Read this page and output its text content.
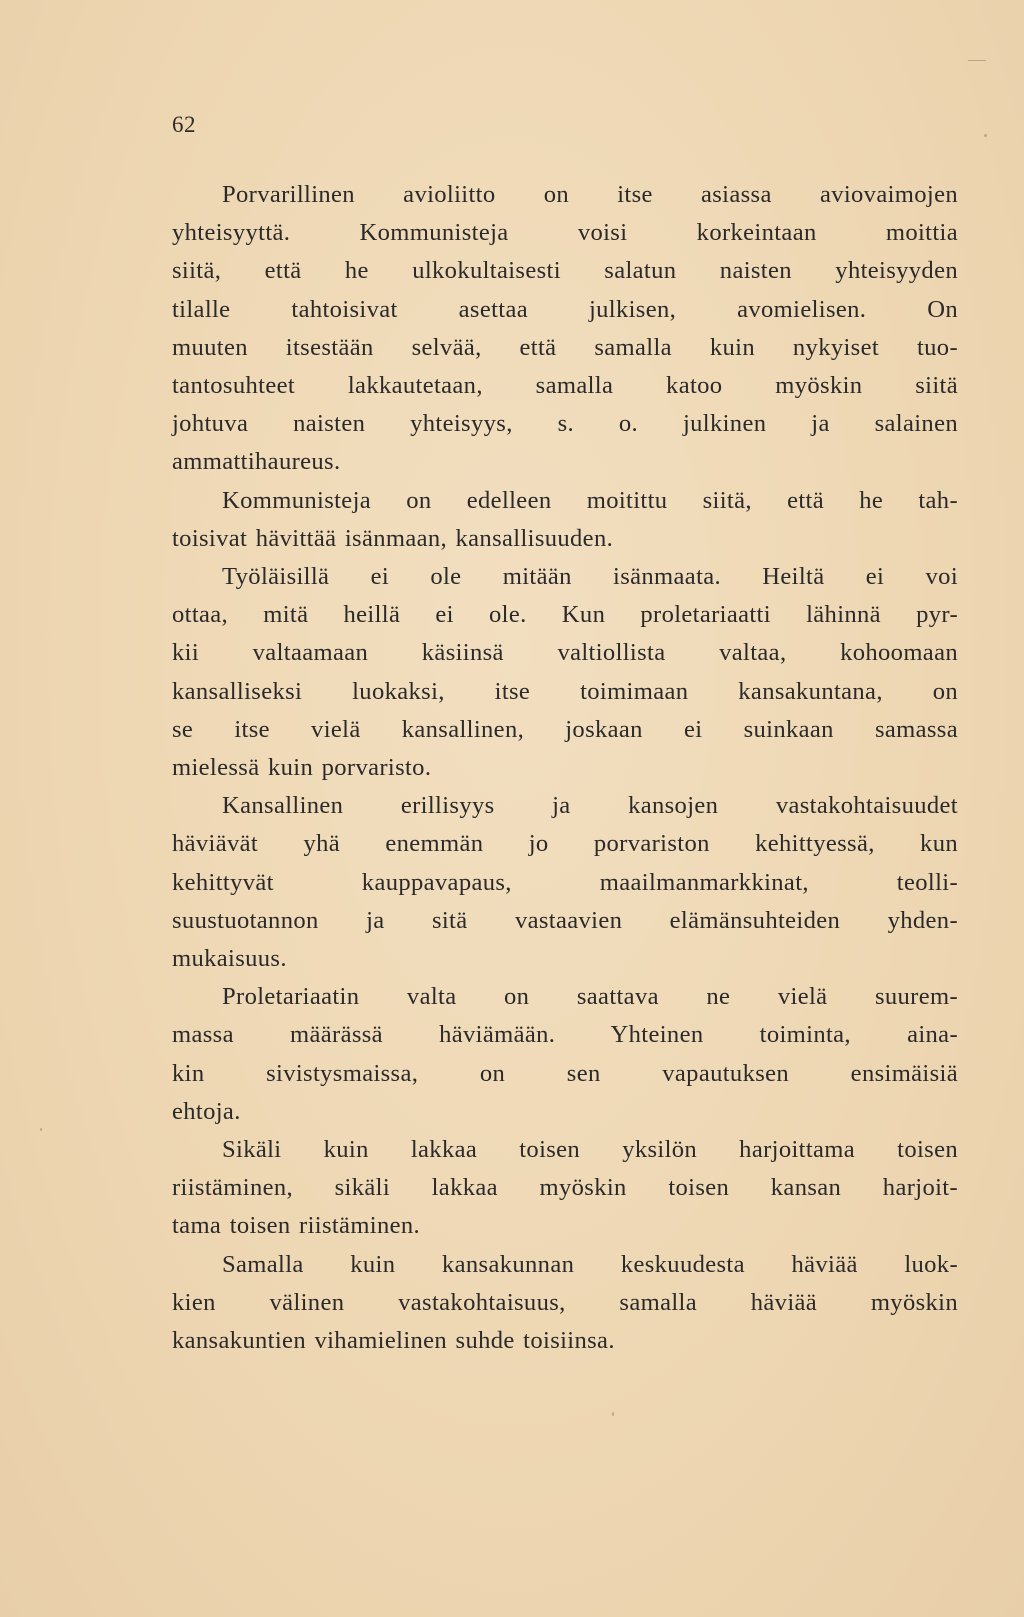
62

Porvarillinen avioliitto on itse asiassa aviovaimojen
yhteisyyttä. Kommunisteja voisi korkeintaan moittia
siitä, että he ulkokultaisesti salatun naisten yhteisyyden
tilalle tahtoisivat asettaa julkisen, avomielisen. On
muuten itsestään selvää, että samalla kuin nykyiset tuo-
tantosuhteet lakkautetaan, samalla katoo myöskin siitä
johtuva naisten yhteisyys, s. o. julkinen ja salainen
ammattihaureus.

Kommunisteja on edelleen moitittu siitä, että he tah-
toisivat hävittää isänmaan, kansallisuuden.

Työläisillä ei ole mitään isänmaata. Heiltä ei voi
ottaa, mitä heillä ei ole. Kun proletariaatti lähinnä pyr-
kii valtaamaan käsiinsä valtiollista valtaa, kohoomaan
kansalliseksi luokaksi, itse toimimaan kansakuntana, on
se itse vielä kansallinen, joskaan ei suinkaan samassa
mielessä kuin porvaristo.

Kansallinen erillisyys ja kansojen vastakohtaisuudet
häviävät yhä enemmän jo porvariston kehittyessä, kun
kehittyvät kauppavapaus, maailmanmarkkinat, teolli-
suustuotannon ja sitä vastaavien elämänsuhteiden yhden-
mukaisuus.

Proletariaatin valta on saattava ne vielä suurem-
massa määrässä häviämään. Yhteinen toiminta, aina-
kin sivistysmaissa, on sen vapautuksen ensimäisiä
ehtoja.

Sikäli kuin lakkaa toisen yksilön harjoittama toisen
riistäminen, sikäli lakkaa myöskin toisen kansan harjoit-
tama toisen riistäminen.

Samalla kuin kansakunnan keskuudesta häviää luok-
kien välinen vastakohtaisuus, samalla häviää myöskin
kansakuntien vihamielinen suhde toisiinsa.
